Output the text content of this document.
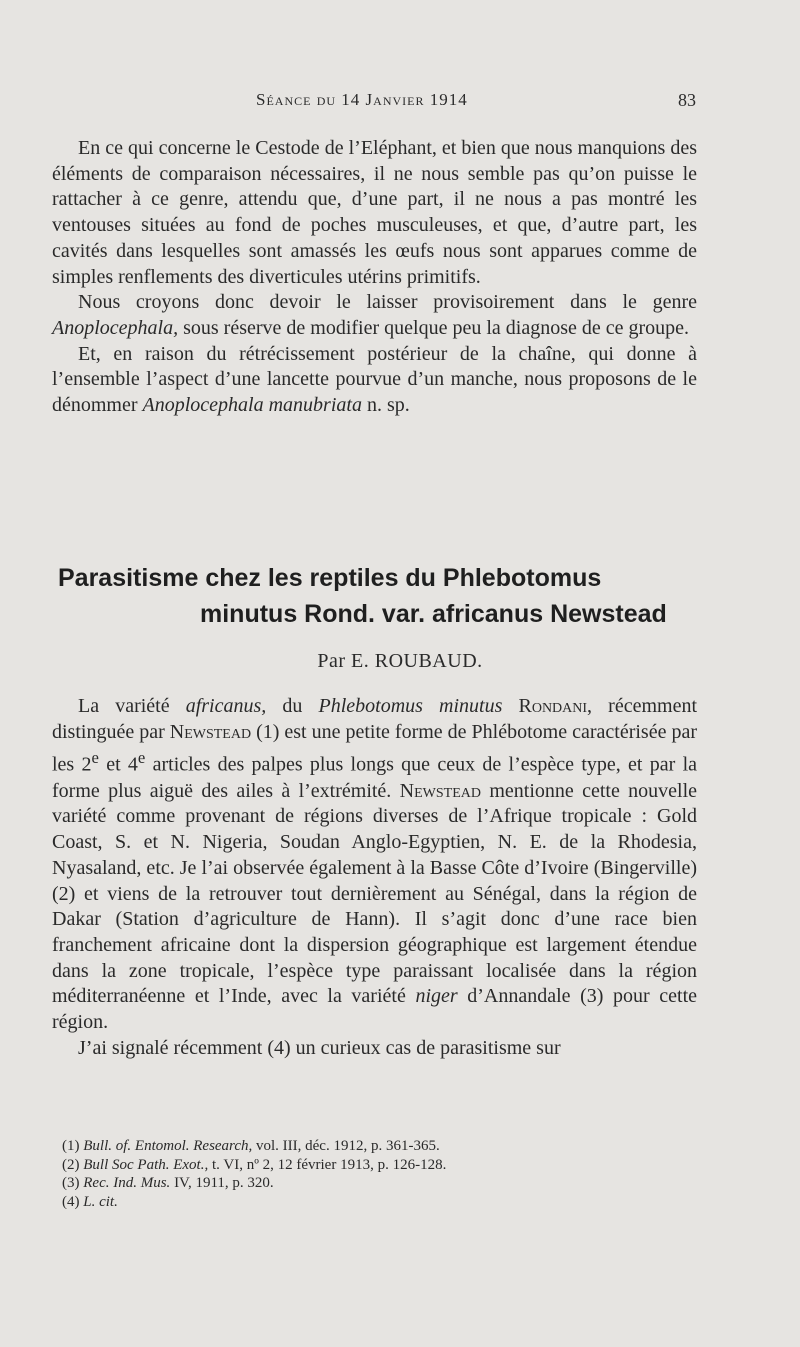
Séance du 14 Janvier 1914	83

En ce qui concerne le Cestode de l’Eléphant, et bien que nous manquions des éléments de comparaison nécessaires, il ne nous semble pas qu’on puisse le rattacher à ce genre, attendu que, d’une part, il ne nous a pas montré les ventouses situées au fond de poches musculeuses, et que, d’autre part, les cavités dans lesquelles sont amassés les œufs nous sont apparues comme de simples renflements des diverticules utérins primitifs.

Nous croyons donc devoir le laisser provisoirement dans le genre Anoplocephala, sous réserve de modifier quelque peu la diagnose de ce groupe.

Et, en raison du rétrécissement postérieur de la chaîne, qui donne à l’ensemble l’aspect d’une lancette pourvue d’un manche, nous proposons de le dénommer Anoplocephala manubriata n. sp.

Parasitisme chez les reptiles du Phlebotomus
minutus Rond. var. africanus Newstead
Par E. ROUBAUD.

La variété africanus, du Phlebotomus minutus Rondani, récemment distinguée par Newstead (1) est une petite forme de Phlébotome caractérisée par les 2e et 4e articles des palpes plus longs que ceux de l’espèce type, et par la forme plus aiguë des ailes à l’extrémité. Newstead mentionne cette nouvelle variété comme provenant de régions diverses de l’Afrique tropicale : Gold Coast, S. et N. Nigeria, Soudan Anglo-Egyptien, N. E. de la Rhodesia, Nyasaland, etc. Je l’ai observée également à la Basse Côte d’Ivoire (Bingerville) (2) et viens de la retrouver tout dernièrement au Sénégal, dans la région de Dakar (Station d’agriculture de Hann). Il s’agit donc d’une race bien franchement africaine dont la dispersion géographique est largement étendue dans la zone tropicale, l’espèce type paraissant localisée dans la région méditerranéenne et l’Inde, avec la variété niger d’Annandale (3) pour cette région.

J’ai signalé récemment (4) un curieux cas de parasitisme sur

(1) Bull. of. Entomol. Research, vol. III, déc. 1912, p. 361-365.
(2) Bull Soc Path. Exot., t. VI, nº 2, 12 février 1913, p. 126-128.
(3) Rec. Ind. Mus. IV, 1911, p. 320.
(4) L. cit.
